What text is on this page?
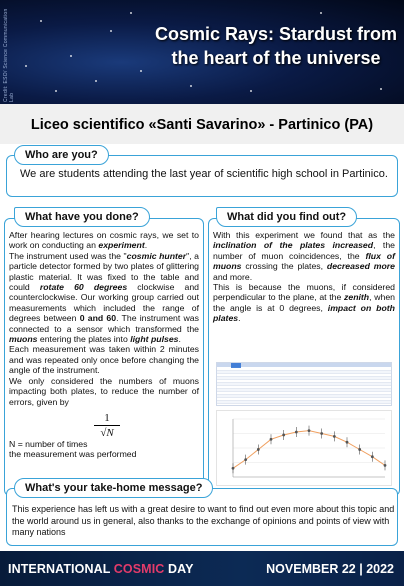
Credit: ESO/ Science Communication Lab
Cosmic Rays: Stardust from
the heart of the universe
Liceo scientifico «Santi Savarino» - Partinico (PA)
Who are you?
We are students attending the last year of scientific high school in Partinico.
What have you done?

After hearing lectures on cosmic rays, we set to work on conducting an experiment.

The instrument used was the "cosmic hunter", a particle detector formed by two plates of glittering plastic material. It was fixed to the table and could rotate 60 degrees clockwise and counterclockwise. Our working group carried out measurements which included the range of degrees between 0 and 60. The instrument was connected to a sensor which transformed the muons entering the plates into light pulses.

Each measurement was taken within 2 minutes and was repeated only once before changing the angle of the instrument.

We only considered the numbers of muons impacting both plates, to reduce the number of errors, given by

$\frac{1}{√N}$

N = number of times

the measurement was performed

What did you find out?

With this experiment we found that as the inclination of the plates increased, the number of muon coincidences, the flux of muons crossing the plates, decreased more and more.

This is because the muons, if considered perpendicular to the plane, at the zenith, when the angle is at 0 degrees, impact on both plates.

What's your take-home message?
This experience has left us with a great desire to want to find out even more about this topic and the world around us in general, also thanks to the exchange of opinions and points of view with many nations
INTERNATIONAL COSMIC DAY	NOVEMBER 22 | 2022
